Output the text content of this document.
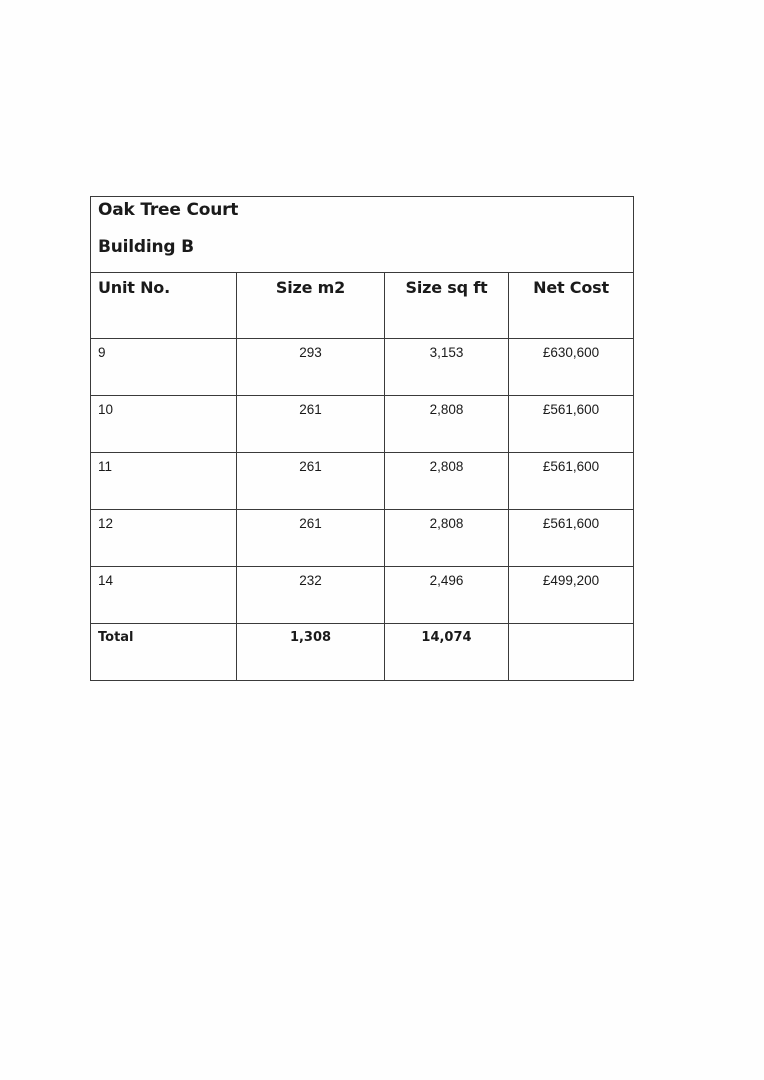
Oak Tree Court
Building B			

Unit No.	Size m2	Size sq ft	Net Cost

9	293	3,153	£630,600

10	261	2,808	£561,600

11	261	2,808	£561,600

12	261	2,808	£561,600

14	232	2,496	£499,200

Total	1,308	14,074	
